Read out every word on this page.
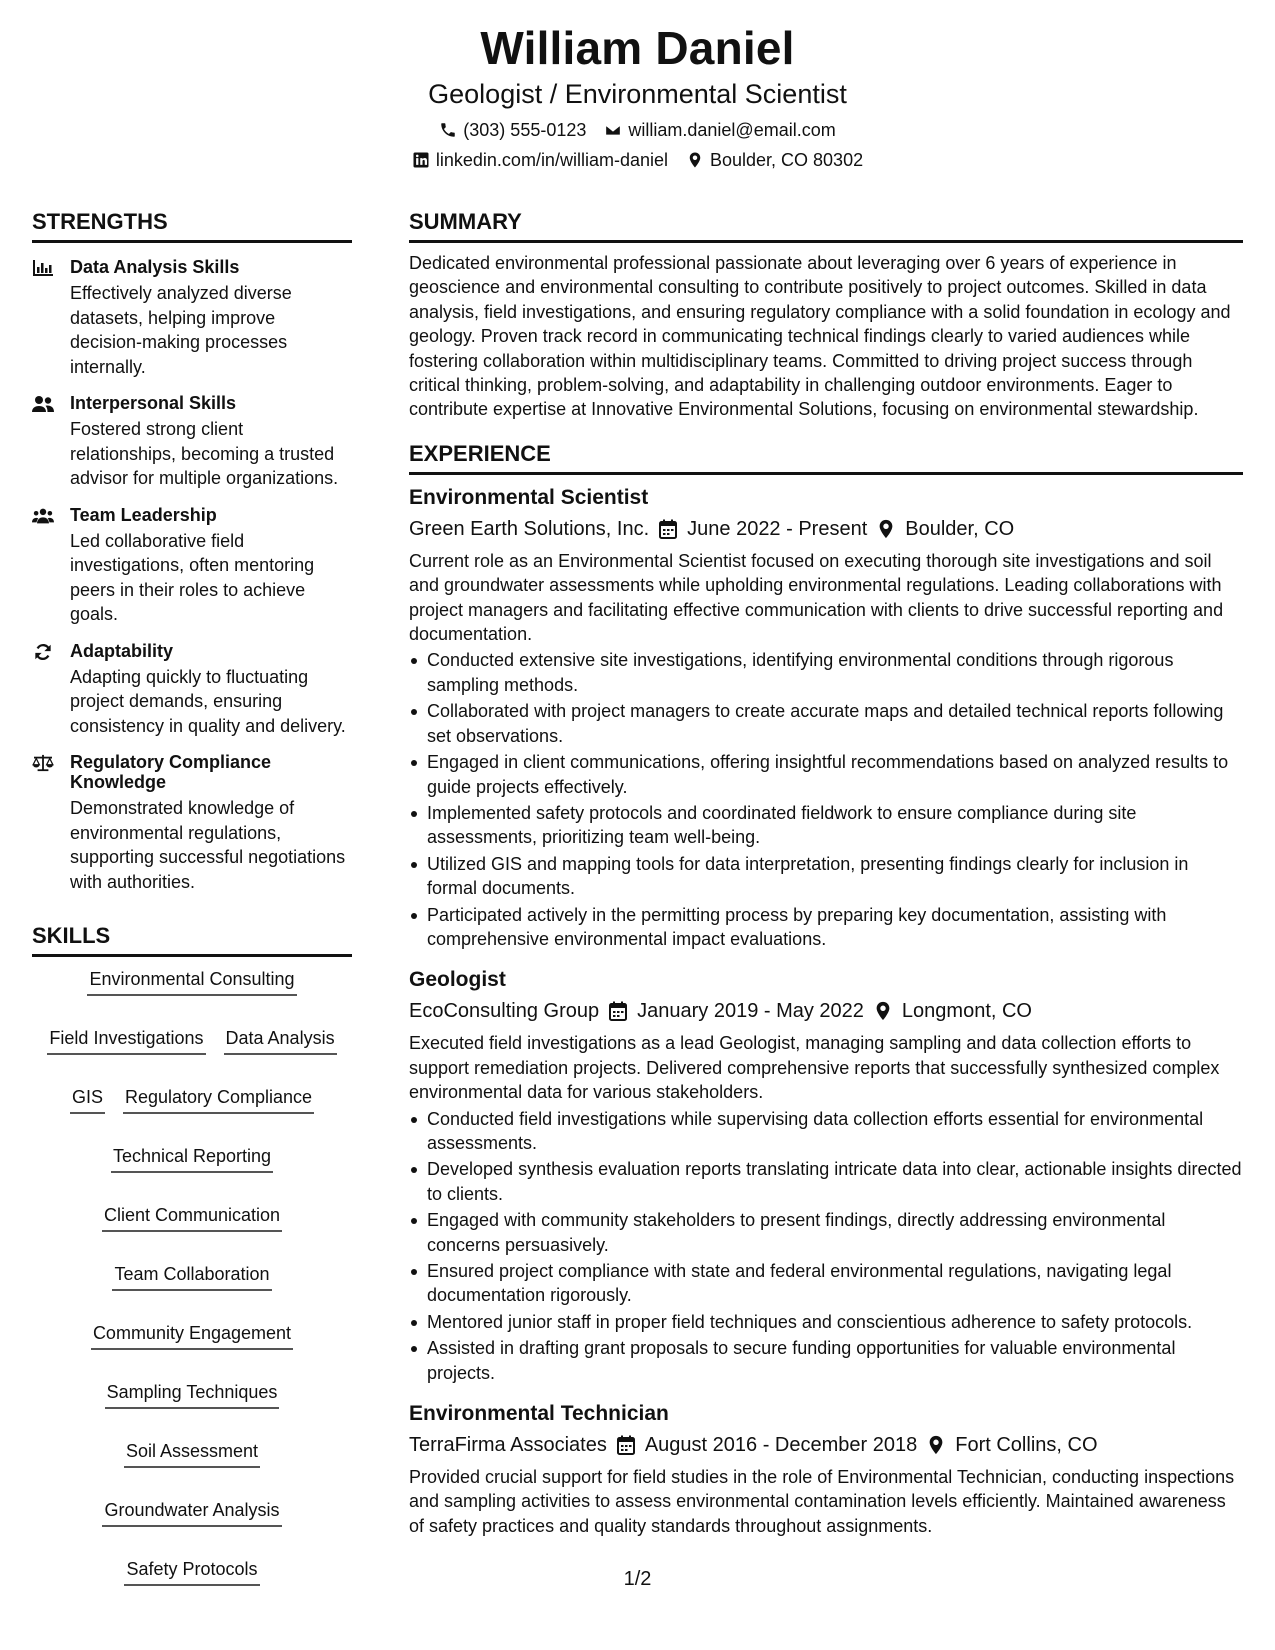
William Daniel
Geologist / Environmental Scientist
(303) 555-0123 william.daniel@email.com
linkedin.com/in/william-daniel Boulder, CO 80302
STRENGTHS
Data Analysis Skills
Effectively analyzed diverse datasets, helping improve decision-making processes internally.
Interpersonal Skills
Fostered strong client relationships, becoming a trusted advisor for multiple organizations.
Team Leadership
Led collaborative field investigations, often mentoring peers in their roles to achieve goals.
Adaptability
Adapting quickly to fluctuating project demands, ensuring consistency in quality and delivery.
Regulatory Compliance Knowledge
Demonstrated knowledge of environmental regulations, supporting successful negotiations with authorities.
SKILLS
Environmental Consulting
Field Investigations Data Analysis
GIS Regulatory Compliance
Technical Reporting
Client Communication
Team Collaboration
Community Engagement
Sampling Techniques
Soil Assessment
Groundwater Analysis
Safety Protocols
SUMMARY
Dedicated environmental professional passionate about leveraging over 6 years of experience in geoscience and environmental consulting to contribute positively to project outcomes. Skilled in data analysis, field investigations, and ensuring regulatory compliance with a solid foundation in ecology and geology. Proven track record in communicating technical findings clearly to varied audiences while fostering collaboration within multidisciplinary teams. Committed to driving project success through critical thinking, problem-solving, and adaptability in challenging outdoor environments. Eager to contribute expertise at Innovative Environmental Solutions, focusing on environmental stewardship.
EXPERIENCE
Environmental Scientist
Green Earth Solutions, Inc. June 2022 - Present Boulder, CO
Current role as an Environmental Scientist focused on executing thorough site investigations and soil and groundwater assessments while upholding environmental regulations. Leading collaborations with project managers and facilitating effective communication with clients to drive successful reporting and documentation.
Conducted extensive site investigations, identifying environmental conditions through rigorous sampling methods.
Collaborated with project managers to create accurate maps and detailed technical reports following set observations.
Engaged in client communications, offering insightful recommendations based on analyzed results to guide projects effectively.
Implemented safety protocols and coordinated fieldwork to ensure compliance during site assessments, prioritizing team well-being.
Utilized GIS and mapping tools for data interpretation, presenting findings clearly for inclusion in formal documents.
Participated actively in the permitting process by preparing key documentation, assisting with comprehensive environmental impact evaluations.
Geologist
EcoConsulting Group January 2019 - May 2022 Longmont, CO
Executed field investigations as a lead Geologist, managing sampling and data collection efforts to support remediation projects. Delivered comprehensive reports that successfully synthesized complex environmental data for various stakeholders.
Conducted field investigations while supervising data collection efforts essential for environmental assessments.
Developed synthesis evaluation reports translating intricate data into clear, actionable insights directed to clients.
Engaged with community stakeholders to present findings, directly addressing environmental concerns persuasively.
Ensured project compliance with state and federal environmental regulations, navigating legal documentation rigorously.
Mentored junior staff in proper field techniques and conscientious adherence to safety protocols.
Assisted in drafting grant proposals to secure funding opportunities for valuable environmental projects.
Environmental Technician
TerraFirma Associates August 2016 - December 2018 Fort Collins, CO
Provided crucial support for field studies in the role of Environmental Technician, conducting inspections and sampling activities to assess environmental contamination levels efficiently. Maintained awareness of safety practices and quality standards throughout assignments.
1/2
